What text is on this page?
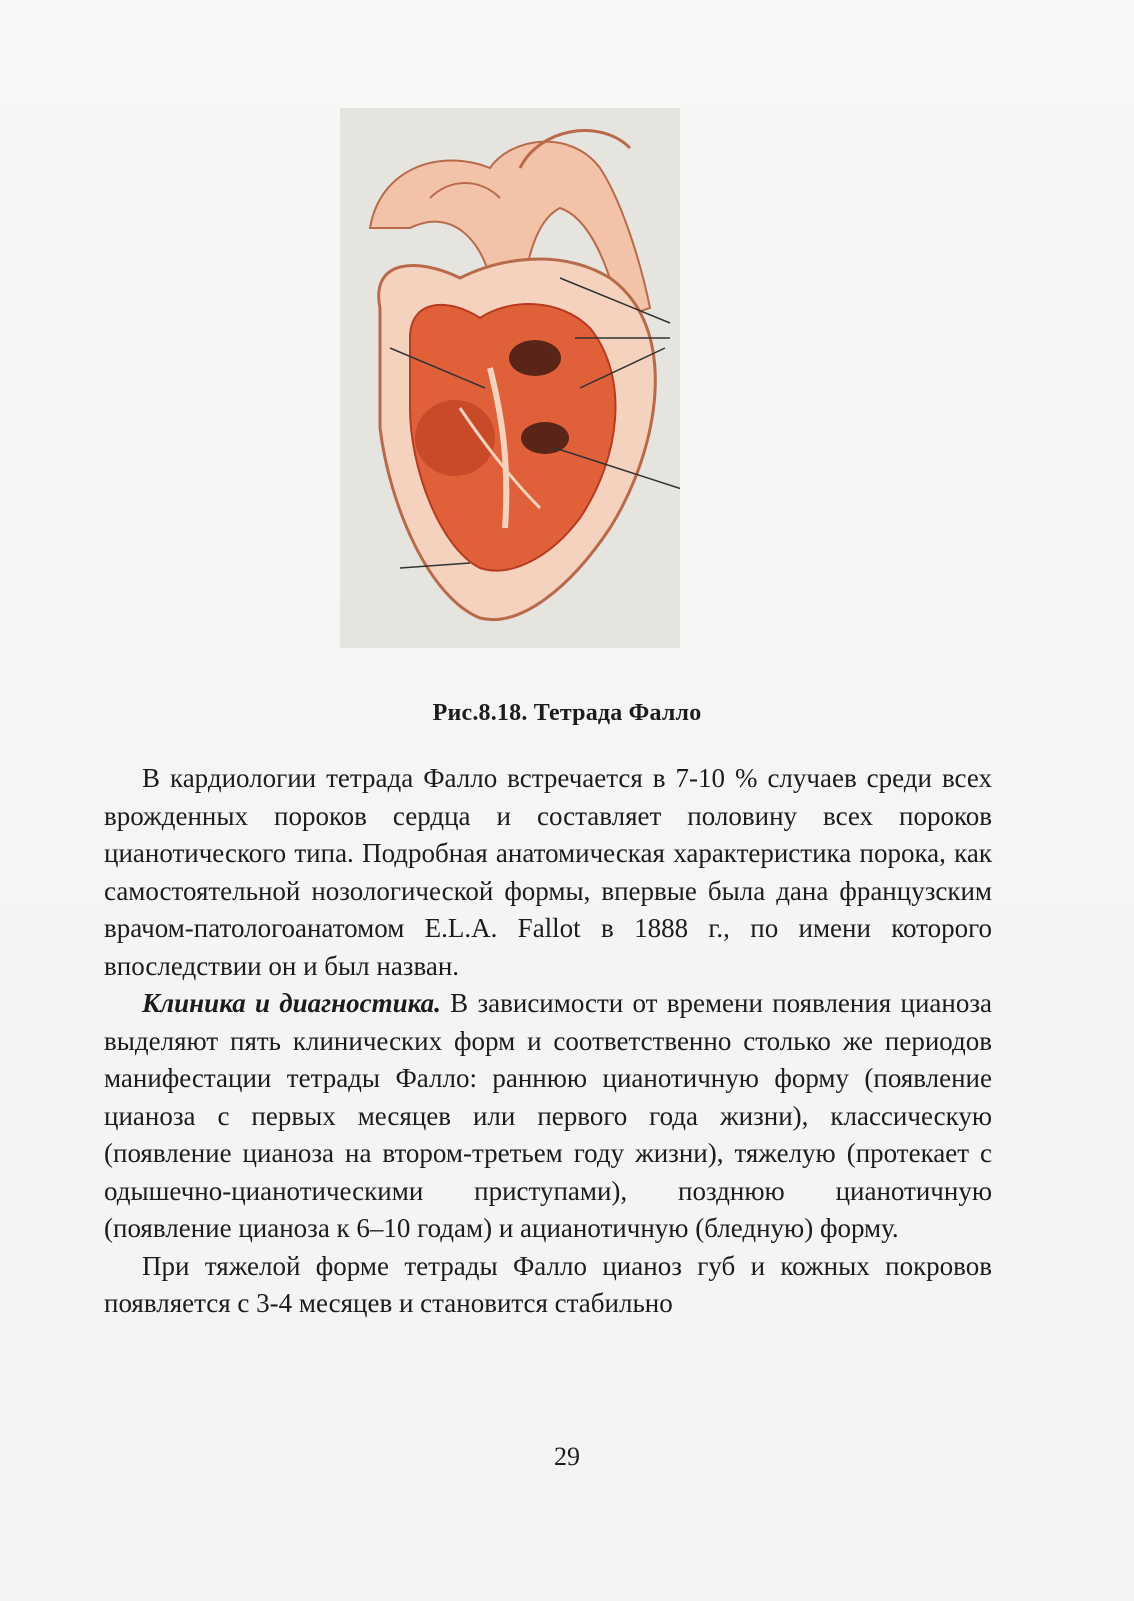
Рис.8.18. Тетрада Фалло

В кардиологии тетрада Фалло встречается в 7-10 % случаев среди всех врожденных пороков сердца и составляет половину всех пороков цианотического типа. Подробная анатомическая характеристика порока, как самостоятельной нозологической формы, впервые была дана французским врачом-патологоанатомом E.L.A. Fallot в 1888 г., по имени которого впоследствии он и был назван.

Клиника и диагностика. В зависимости от времени появления цианоза выделяют пять клинических форм и соответственно столько же периодов манифестации тетрады Фалло: раннюю цианотичную форму (появление цианоза с первых месяцев или первого года жизни), классическую (появление цианоза на втором-третьем году жизни), тяжелую (протекает с одышечно-цианотическими приступами), позднюю цианотичную (появление цианоза к 6–10 годам) и ацианотичную (бледную) форму.

При тяжелой форме тетрады Фалло цианоз губ и кожных покровов появляется с 3-4 месяцев и становится стабильно

29
